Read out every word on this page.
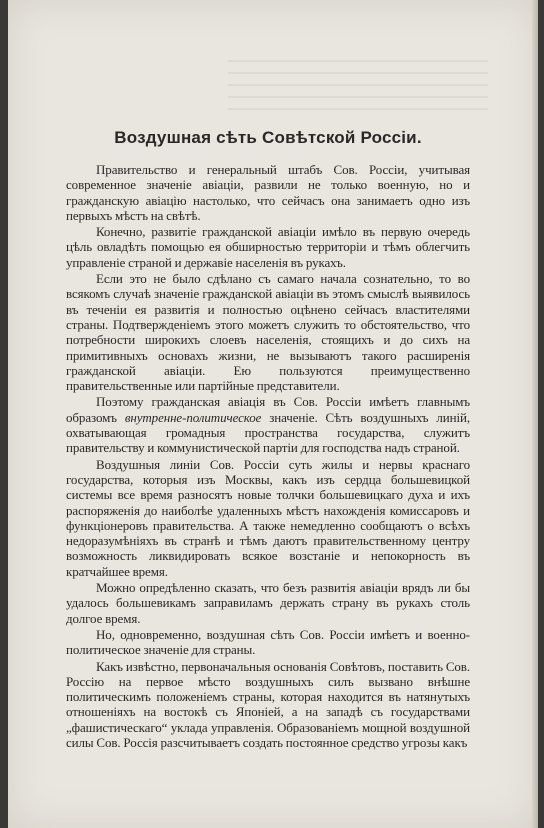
Воздушная сѣть Совѣтской Россіи.

Правительство и генеральный штабъ Сов. Россіи, учитывая современное значеніе авіаціи, развили не только военную, но и гражданскую авіацію настолько, что сейчасъ она занимаетъ одно изъ первыхъ мѣстъ на свѣтѣ.

Конечно, развитіе гражданской авіаціи имѣло въ первую очередь цѣль овладѣть помощью ея обширностью территоріи и тѣмъ облегчить управленіе страной и державіе населенія въ рукахъ.

Если это не было сдѣлано съ самаго начала сознательно, то во всякомъ случаѣ значеніе гражданской авіаціи въ этомъ смыслѣ выявилось въ теченіи ея развитія и полностью оцѣнено сейчасъ властителями страны. Подтвержденіемъ этого можетъ служить то обстоятельство, что потребности широкихъ слоевъ населенія, стоящихъ и до сихъ на примитивныхъ основахъ жизни, не вызываютъ такого расширенія гражданской авіаціи. Ею пользуются преимущественно правительственные или партійные представители.

Поэтому гражданская авіація въ Сов. Россіи имѣетъ главнымъ образомъ внутренне-политическое значеніе. Сѣть воздушныхъ линій, охватывающая громадныя пространства государства, служитъ правительству и коммунистической партіи для господства надъ страной.

Воздушныя линіи Сов. Россіи суть жилы и нервы краснаго государства, которыя изъ Москвы, какъ изъ сердца большевицкой системы все время разносятъ новые толчки большевицкаго духа и ихъ распоряженія до наиболѣе удаленныхъ мѣстъ нахожденія комиссаровъ и функціонеровъ правительства. А также немедленно сообщаютъ о всѣхъ недоразумѣніяхъ въ странѣ и тѣмъ даютъ правительственному центру возможность ликвидировать всякое возстаніе и непокорность въ кратчайшее время.

Можно опредѣленно сказать, что безъ развитія авіаціи врядъ ли бы удалось большевикамъ заправиламъ держать страну въ рукахъ столь долгое время.

Но, одновременно, воздушная сѣть Сов. Россіи имѣетъ и военно-политическое значеніе для страны.

Какъ извѣстно, первоначальныя основанія Совѣтовъ, поставить Сов. Россію на первое мѣсто воздушныхъ силъ вызвано внѣшне политическимъ положеніемъ страны, которая находится въ натянутыхъ отношеніяхъ на востокѣ съ Японіей, а на западѣ съ государствами „фашистическаго“ уклада управленія. Образованіемъ мощной воздушной силы Сов. Россія разсчитываетъ создать постоянное средство угрозы какъ
